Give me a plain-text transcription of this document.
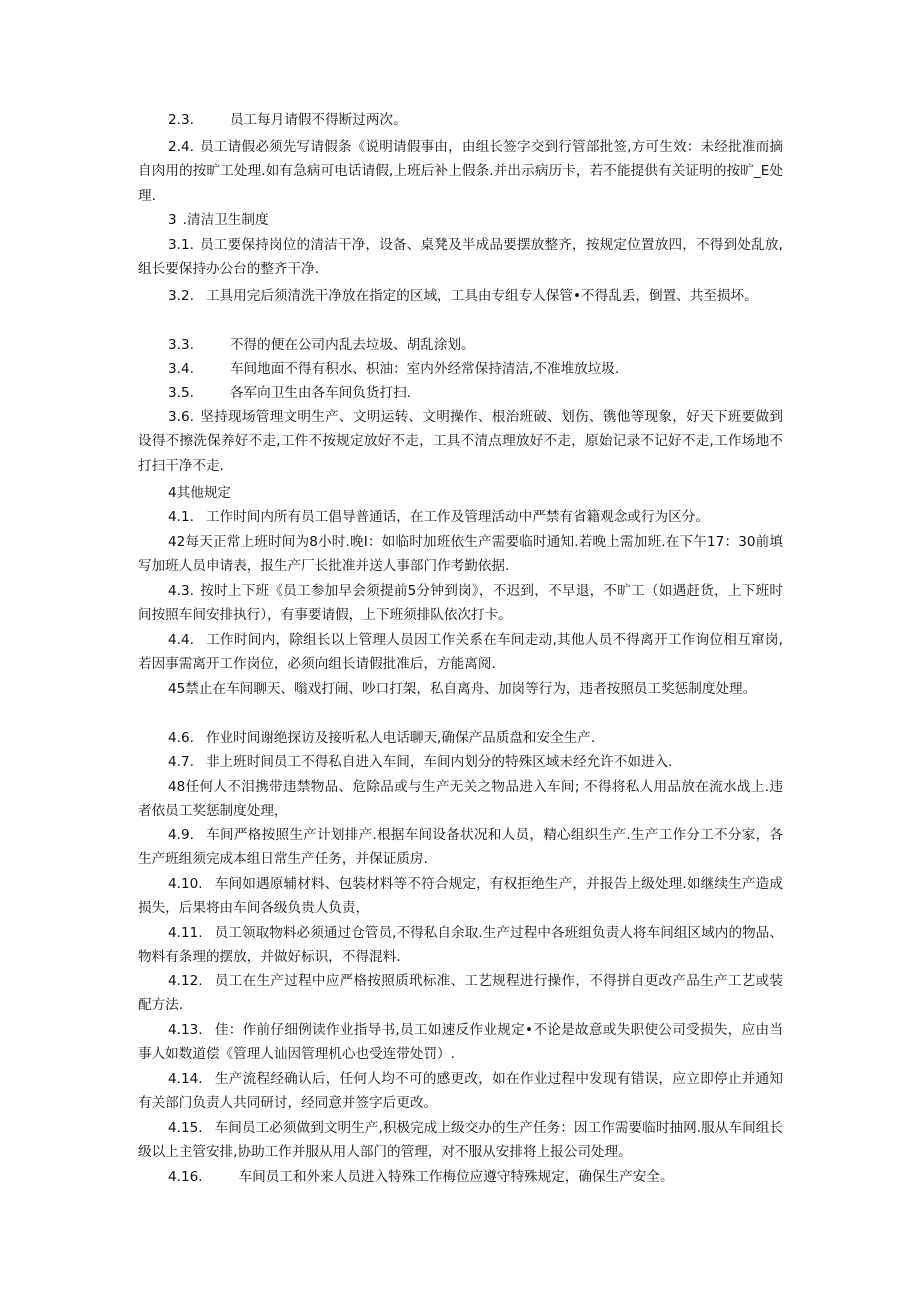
2.3.	员工每月请假不得断过两次。

2.4. 员工请假必须先写请假条《说明请假事由，由组长签字交到行管部批签,方可生效：未经批准而摘自肉用的按旷工处理.如有急病可电话请假,上班后补上假条.并出示病历卡，若不能提供有关证明的按旷_E处理.

3 .清洁卫生制度

3.1. 员工要保持岗位的清洁干净，设备、桌凳及半成品要摆放整齐，按规定位置放四，不得到处乱放,组长要保持办公台的整齐干净.

3.2. 工具用完后须清洗干净放在指定的区域，工具由专组专人保管•不得乱丢，倒置、共至损坏。

3.3.	不得的便在公司内乱去垃圾、胡乱涂划。

3.4.	车间地面不得有积水、枳油：室内外经常保持清洁,不准堆放垃圾.

3.5.	各军向卫生由各车间负货打扫.

3.6. 坚持现场管理文明生产、文明运转、文明操作、根治班破、划伤、镌他等现象，好天下班要做到设得不擦洗保养好不走,工件不按规定放好不走，工具不清点理放好不走，原始记录不记好不走,工作场地不打扫干净不走.

4其他规定

4.1. 工作时间内所有员工倡导普通话，在工作及管理活动中严禁有省籍观念或行为区分。

42每天正常上班时间为8小时.晚I：如临时加班依生产需要临时通知.若晚上需加班.在下午17：30前填写加班人员申请表，报生产厂长批准并送人事部门作考勤依据.

4.3. 按时上下班《员工参加早会须提前5分钟到岗》，不迟到，不早退，不旷工（如遇赶货，上下班时间按照车间安排执行），有事要请假，上下班须排队依次打卡。

4.4. 工作时间内，除组长以上管理人员因工作关系在车间走动,其他人员不得离开工作询位相互窜岗,若因事需离开工作岗位，必须向组长请假批准后，方能离阅.

45禁止在车间聊天、嗡戏打闹、吵口打架，私自离舟、加岗等行为，违者按照员工奖惩制度处理。

4.6. 作业时间谢绝探访及接听私人电话聊天,确保产品质盘和安全生产.

4.7. 非上班时间员工不得私自进入车间，车间内划分的特殊区域未经允许不如进入.

48任何人不泪携带违禁物品、危除品或与生产无关之物品进入车间; 不得将私人用品放在流水战上.违者依员工奖惩制度处理，

4.9. 车间严格按照生产计划排产.根据车间设备状况和人员，精心组织生产.生产工作分工不分家，各生产班组须完成本组日常生产任务，并保证质房.

4.10. 车间如遇原辅材料、包装材料等不符合规定，有权拒绝生产，并报告上级处理.如继续生产造成损失，后果将由车间各级负贵人负责，

4.11. 员工领取物料必须通过仓管员,不得私自余取.生产过程中各班组负责人将车间组区域内的物品、物料有条理的摆放，并做好标识，不得混料.

4.12. 员工在生产过程中应严格按照质玳标准、工艺规程进行操作，不得拼自更改产品生产工艺或装配方法.

4.13. 佳：作前仔细例读作业指导书,员工如速反作业规定•不论是故意或失职使公司受损失，应由当事人如数道偿《管理人讪因管理机心也受连带处罚）.

4.14. 生产流程经确认后，任何人均不可的感更改，如在作业过程中发现有错误，应立即停止并通知有关部门负责人共同研讨，经同意并签字后更改。

4.15. 车间员工必须做到文明生产,积极完成上级交办的生产任务：因工作需要临时抽网.服从车间组长级以上主管安排,协助工作并服从用人部门的管理，对不服从安排将上报公司处理。

4.16.	车间员工和外来人员进入特殊工作梅位应遵守特殊规定，确保生产安全。
